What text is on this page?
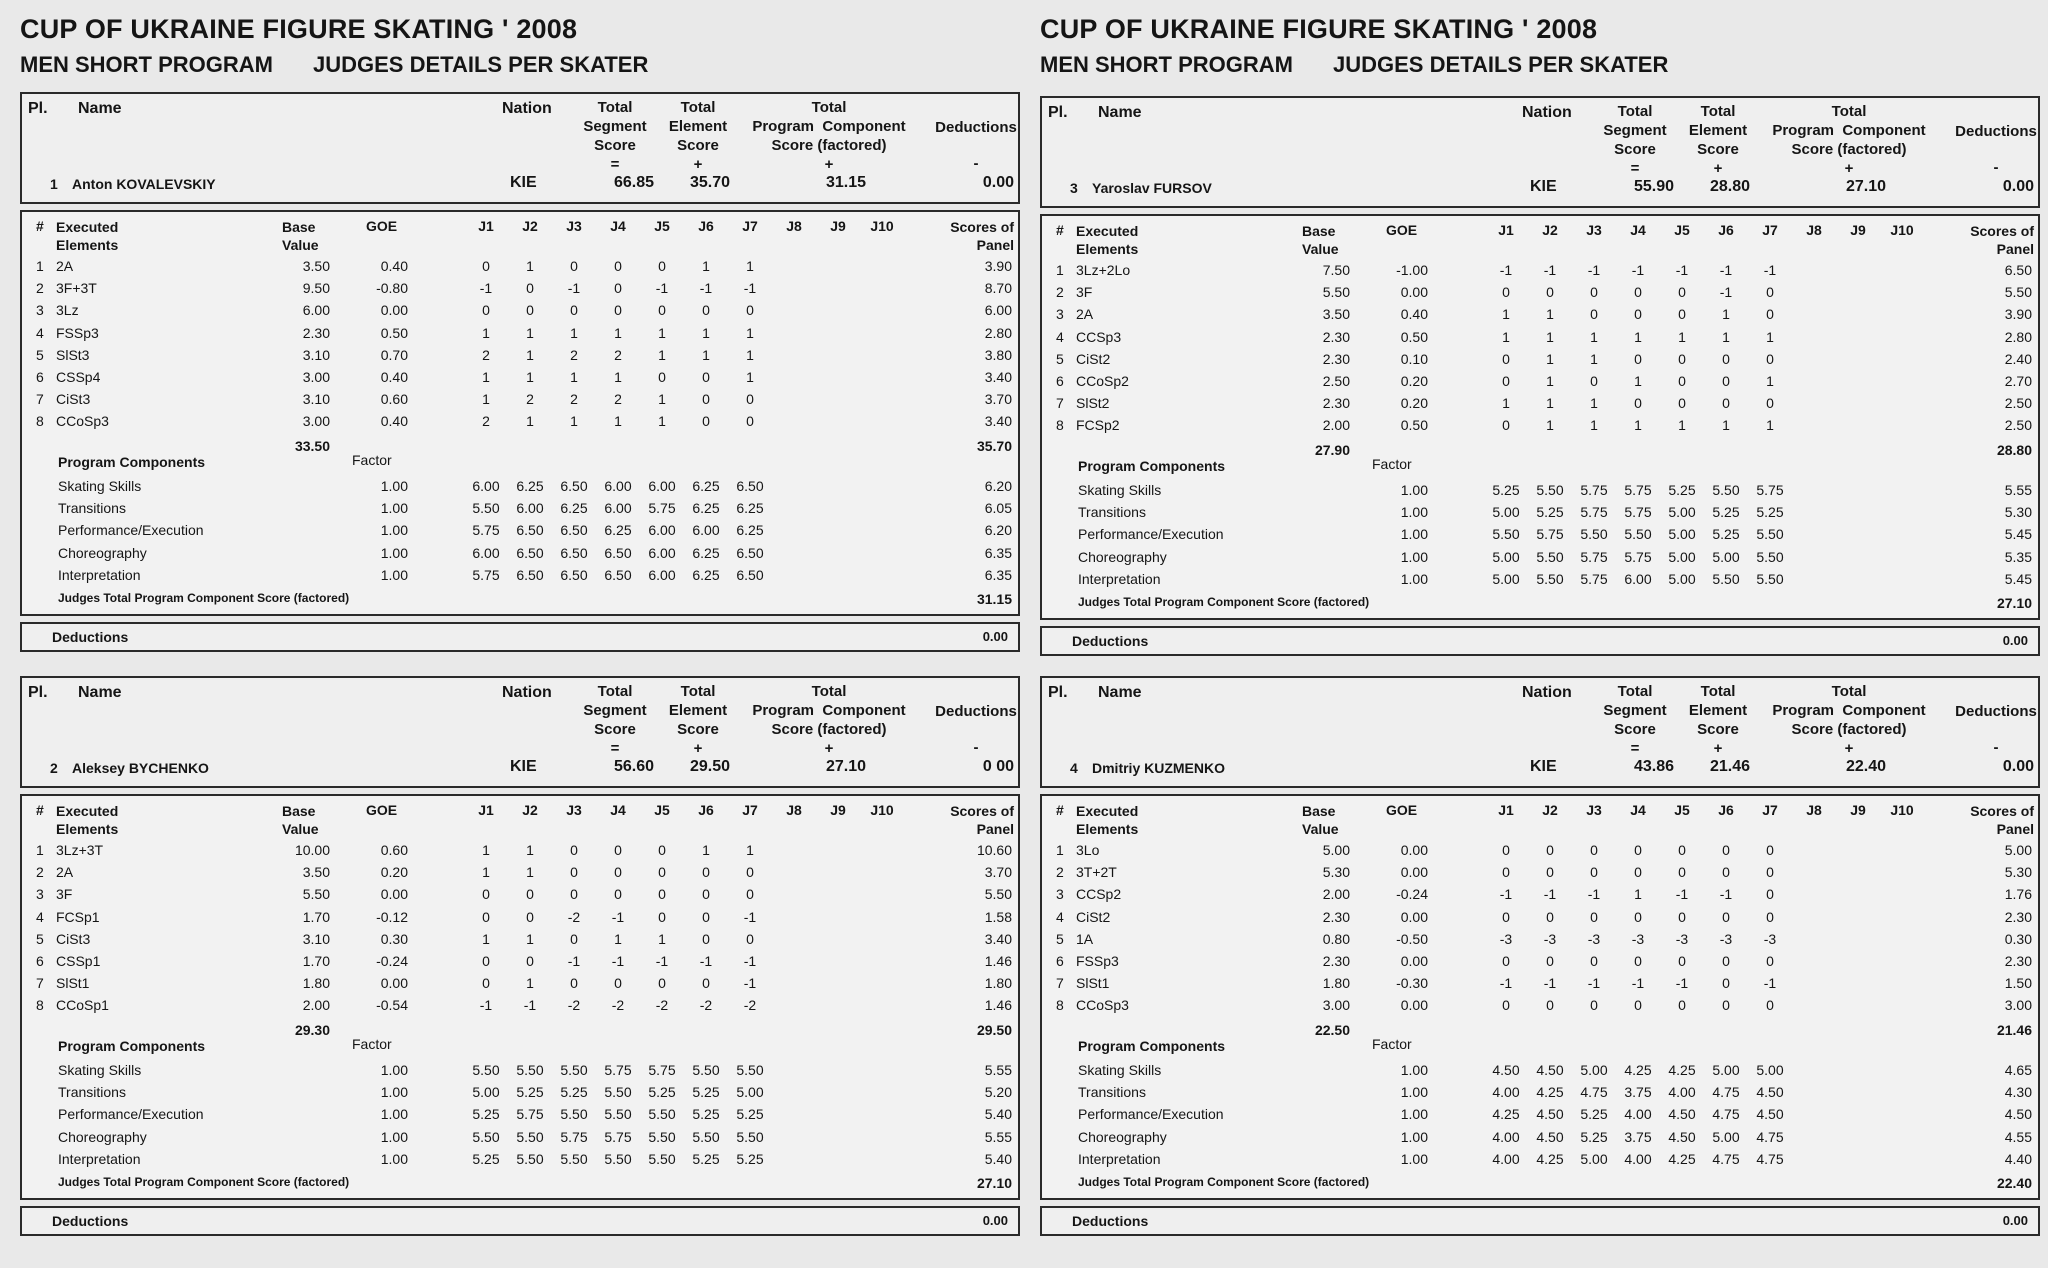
CUP OF UKRAINE FIGURE SKATING ' 2008
MEN SHORT PROGRAM JUDGES DETAILS PER SKATER
Pl. Name	Nation	Total
Segment
Score
=
Total
Element
Score
+
Total
Program  Component
Score (factored)
+
Deductions
-
1 Anton KOVALEVSKIY	KIE	66.85	35.70	31.15	0.00
# Executed
Elements
Base
Value
GOE	J1	J2	J3	J4	J5	J6	J7	J8	J9	J10	Scores of
Panel
1 2A	3.50	0.40	0	1	0	0	0	1	1	3.90
2 3F+3T	9.50	-0.80	-1	0	-1	0	-1	-1	-1	8.70
3 3Lz	6.00	0.00	0	0	0	0	0	0	0	6.00
4 FSSp3	2.30	0.50	1	1	1	1	1	1	1	2.80
5 SlSt3	3.10	0.70	2	1	2	2	1	1	1	3.80
6 CSSp4	3.00	0.40	1	1	1	1	0	0	1	3.40
7 CiSt3	3.10	0.60	1	2	2	2	1	0	0	3.70
8 CCoSp3	3.00	0.40	2	1	1	1	1	0	0	3.40
33.50	35.70
Program Components	Factor
Skating Skills	1.00	6.00	6.25	6.50	6.00	6.00	6.25	6.50	6.20
Transitions	1.00	5.50	6.00	6.25	6.00	5.75	6.25	6.25	6.05
Performance/Execution	1.00	5.75	6.50	6.50	6.25	6.00	6.00	6.25	6.20
Choreography	1.00	6.00	6.50	6.50	6.50	6.00	6.25	6.50	6.35
Interpretation	1.00	5.75	6.50	6.50	6.50	6.00	6.25	6.50	6.35
Judges Total Program Component Score (factored)	31.15
Deductions	0.00
Pl. Name	Nation	Total
Segment
Score
=
Total
Element
Score
+
Total
Program  Component
Score (factored)
+
Deductions
-
2 Aleksey BYCHENKO	KIE	56.60	29.50	27.10	0 00
# Executed
Elements
Base
Value
GOE	J1	J2	J3	J4	J5	J6	J7	J8	J9	J10	Scores of
Panel
1 3Lz+3T	10.00	0.60	1	1	0	0	0	1	1	10.60
2 2A	3.50	0.20	1	1	0	0	0	0	0	3.70
3 3F	5.50	0.00	0	0	0	0	0	0	0	5.50
4 FCSp1	1.70	-0.12	0	0	-2	-1	0	0	-1	1.58
5 CiSt3	3.10	0.30	1	1	0	1	1	0	0	3.40
6 CSSp1	1.70	-0.24	0	0	-1	-1	-1	-1	-1	1.46
7 SlSt1	1.80	0.00	0	1	0	0	0	0	-1	1.80
8 CCoSp1	2.00	-0.54	-1	-1	-2	-2	-2	-2	-2	1.46
29.30	29.50
Program Components	Factor
Skating Skills	1.00	5.50	5.50	5.50	5.75	5.75	5.50	5.50	5.55
Transitions	1.00	5.00	5.25	5.25	5.50	5.25	5.25	5.00	5.20
Performance/Execution	1.00	5.25	5.75	5.50	5.50	5.50	5.25	5.25	5.40
Choreography	1.00	5.50	5.50	5.75	5.75	5.50	5.50	5.50	5.55
Interpretation	1.00	5.25	5.50	5.50	5.50	5.50	5.25	5.25	5.40
Judges Total Program Component Score (factored)	27.10
Deductions	0.00
CUP OF UKRAINE FIGURE SKATING ' 2008
MEN SHORT PROGRAM JUDGES DETAILS PER SKATER
Pl. Name	Nation	Total
Segment
Score
=
Total
Element
Score
+
Total
Program  Component
Score (factored)
+
Deductions
-
3 Yaroslav FURSOV	KIE	55.90	28.80	27.10	0.00
# Executed
Elements
Base
Value
GOE	J1	J2	J3	J4	J5	J6	J7	J8	J9	J10	Scores of
Panel
1 3Lz+2Lo	7.50	-1.00	-1	-1	-1	-1	-1	-1	-1	6.50
2 3F	5.50	0.00	0	0	0	0	0	-1	0	5.50
3 2A	3.50	0.40	1	1	0	0	0	1	0	3.90
4 CCSp3	2.30	0.50	1	1	1	1	1	1	1	2.80
5 CiSt2	2.30	0.10	0	1	1	0	0	0	0	2.40
6 CCoSp2	2.50	0.20	0	1	0	1	0	0	1	2.70
7 SlSt2	2.30	0.20	1	1	1	0	0	0	0	2.50
8 FCSp2	2.00	0.50	0	1	1	1	1	1	1	2.50
27.90	28.80
Program Components	Factor
Skating Skills	1.00	5.25	5.50	5.75	5.75	5.25	5.50	5.75	5.55
Transitions	1.00	5.00	5.25	5.75	5.75	5.00	5.25	5.25	5.30
Performance/Execution	1.00	5.50	5.75	5.50	5.50	5.00	5.25	5.50	5.45
Choreography	1.00	5.00	5.50	5.75	5.75	5.00	5.00	5.50	5.35
Interpretation	1.00	5.00	5.50	5.75	6.00	5.00	5.50	5.50	5.45
Judges Total Program Component Score (factored)	27.10
Deductions	0.00
Pl. Name	Nation	Total
Segment
Score
=
Total
Element
Score
+
Total
Program  Component
Score (factored)
+
Deductions
-
4 Dmitriy KUZMENKO	KIE	43.86	21.46	22.40	0.00
# Executed
Elements
Base
Value
GOE	J1	J2	J3	J4	J5	J6	J7	J8	J9	J10	Scores of
Panel
1 3Lo	5.00	0.00	0	0	0	0	0	0	0	5.00
2 3T+2T	5.30	0.00	0	0	0	0	0	0	0	5.30
3 CCSp2	2.00	-0.24	-1	-1	-1	1	-1	-1	0	1.76
4 CiSt2	2.30	0.00	0	0	0	0	0	0	0	2.30
5 1A	0.80	-0.50	-3	-3	-3	-3	-3	-3	-3	0.30
6 FSSp3	2.30	0.00	0	0	0	0	0	0	0	2.30
7 SlSt1	1.80	-0.30	-1	-1	-1	-1	-1	0	-1	1.50
8 CCoSp3	3.00	0.00	0	0	0	0	0	0	0	3.00
22.50	21.46
Program Components	Factor
Skating Skills	1.00	4.50	4.50	5.00	4.25	4.25	5.00	5.00	4.65
Transitions	1.00	4.00	4.25	4.75	3.75	4.00	4.75	4.50	4.30
Performance/Execution	1.00	4.25	4.50	5.25	4.00	4.50	4.75	4.50	4.50
Choreography	1.00	4.00	4.50	5.25	3.75	4.50	5.00	4.75	4.55
Interpretation	1.00	4.00	4.25	5.00	4.00	4.25	4.75	4.75	4.40
Judges Total Program Component Score (factored)	22.40
Deductions	0.00
